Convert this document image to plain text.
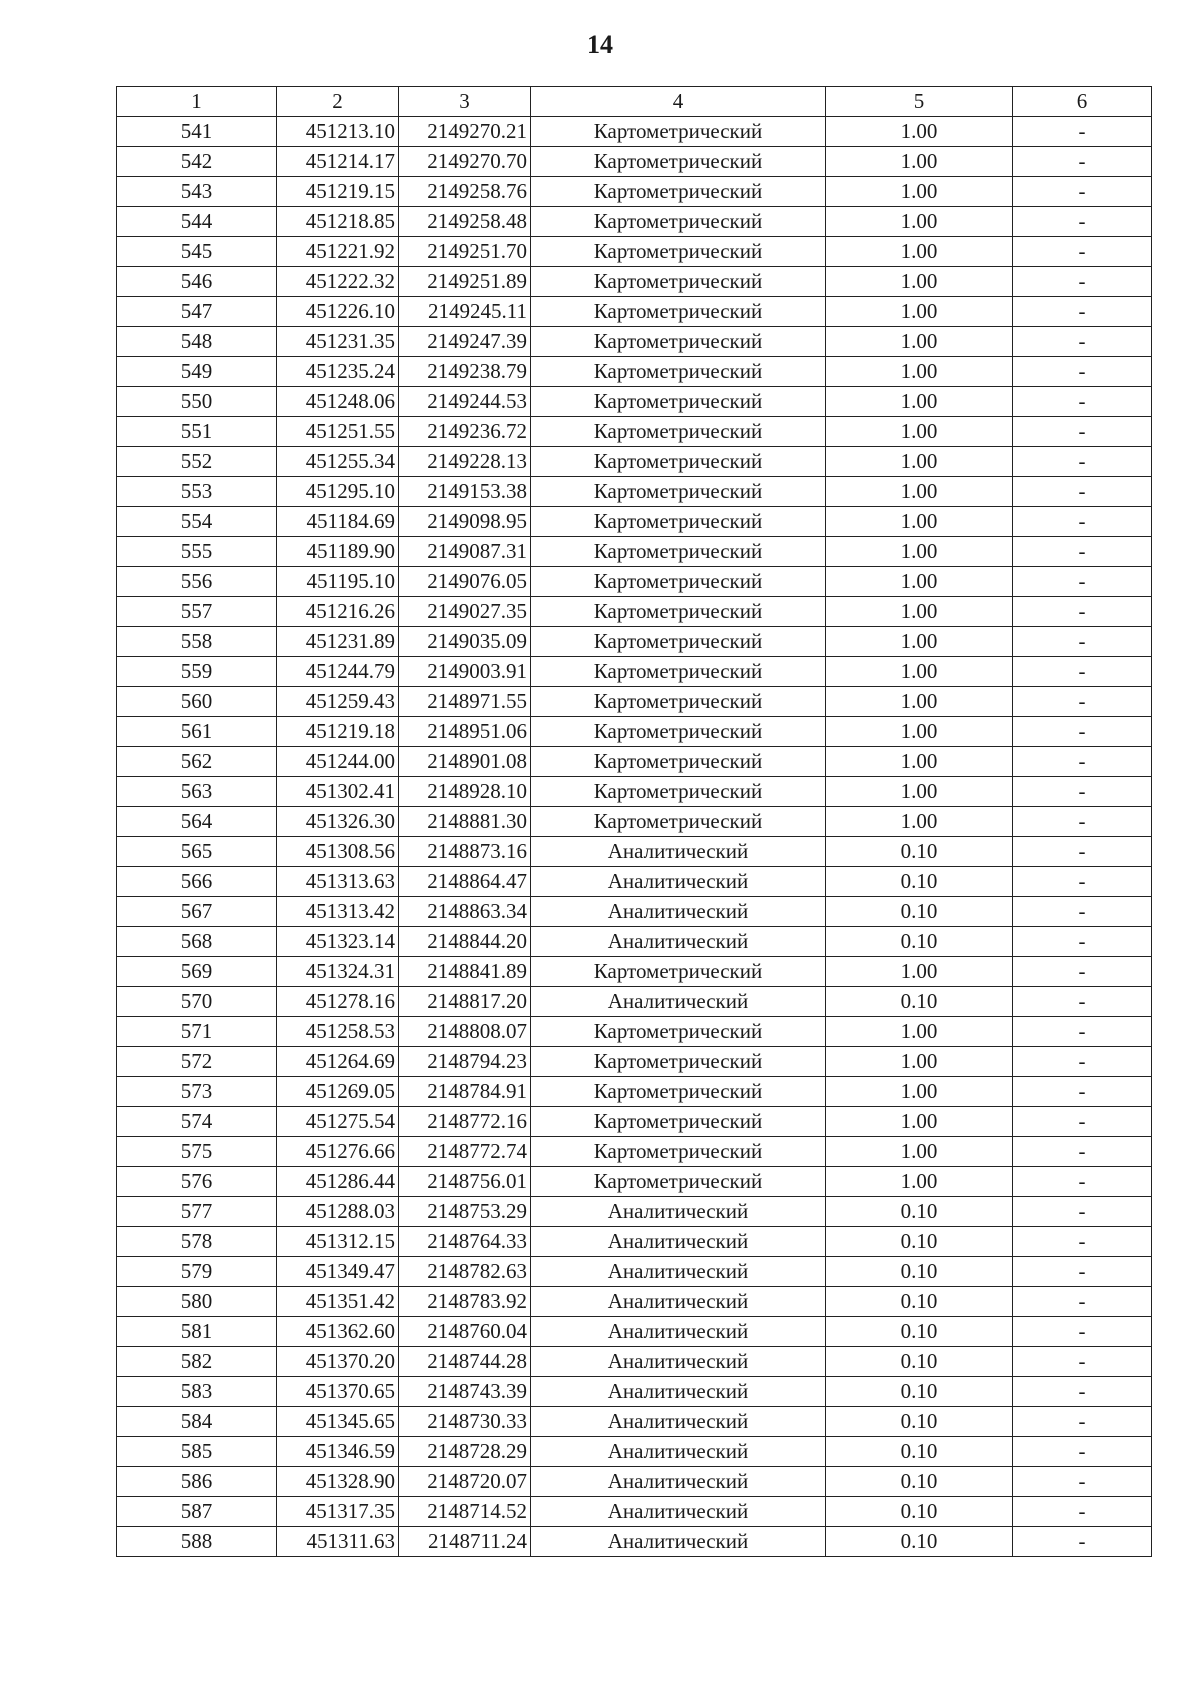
14
1	2	3	4	5	6
541	451213.10	2149270.21	Картометрический	1.00	-
542	451214.17	2149270.70	Картометрический	1.00	-
543	451219.15	2149258.76	Картометрический	1.00	-
544	451218.85	2149258.48	Картометрический	1.00	-
545	451221.92	2149251.70	Картометрический	1.00	-
546	451222.32	2149251.89	Картометрический	1.00	-
547	451226.10	2149245.11	Картометрический	1.00	-
548	451231.35	2149247.39	Картометрический	1.00	-
549	451235.24	2149238.79	Картометрический	1.00	-
550	451248.06	2149244.53	Картометрический	1.00	-
551	451251.55	2149236.72	Картометрический	1.00	-
552	451255.34	2149228.13	Картометрический	1.00	-
553	451295.10	2149153.38	Картометрический	1.00	-
554	451184.69	2149098.95	Картометрический	1.00	-
555	451189.90	2149087.31	Картометрический	1.00	-
556	451195.10	2149076.05	Картометрический	1.00	-
557	451216.26	2149027.35	Картометрический	1.00	-
558	451231.89	2149035.09	Картометрический	1.00	-
559	451244.79	2149003.91	Картометрический	1.00	-
560	451259.43	2148971.55	Картометрический	1.00	-
561	451219.18	2148951.06	Картометрический	1.00	-
562	451244.00	2148901.08	Картометрический	1.00	-
563	451302.41	2148928.10	Картометрический	1.00	-
564	451326.30	2148881.30	Картометрический	1.00	-
565	451308.56	2148873.16	Аналитический	0.10	-
566	451313.63	2148864.47	Аналитический	0.10	-
567	451313.42	2148863.34	Аналитический	0.10	-
568	451323.14	2148844.20	Аналитический	0.10	-
569	451324.31	2148841.89	Картометрический	1.00	-
570	451278.16	2148817.20	Аналитический	0.10	-
571	451258.53	2148808.07	Картометрический	1.00	-
572	451264.69	2148794.23	Картометрический	1.00	-
573	451269.05	2148784.91	Картометрический	1.00	-
574	451275.54	2148772.16	Картометрический	1.00	-
575	451276.66	2148772.74	Картометрический	1.00	-
576	451286.44	2148756.01	Картометрический	1.00	-
577	451288.03	2148753.29	Аналитический	0.10	-
578	451312.15	2148764.33	Аналитический	0.10	-
579	451349.47	2148782.63	Аналитический	0.10	-
580	451351.42	2148783.92	Аналитический	0.10	-
581	451362.60	2148760.04	Аналитический	0.10	-
582	451370.20	2148744.28	Аналитический	0.10	-
583	451370.65	2148743.39	Аналитический	0.10	-
584	451345.65	2148730.33	Аналитический	0.10	-
585	451346.59	2148728.29	Аналитический	0.10	-
586	451328.90	2148720.07	Аналитический	0.10	-
587	451317.35	2148714.52	Аналитический	0.10	-
588	451311.63	2148711.24	Аналитический	0.10	-
